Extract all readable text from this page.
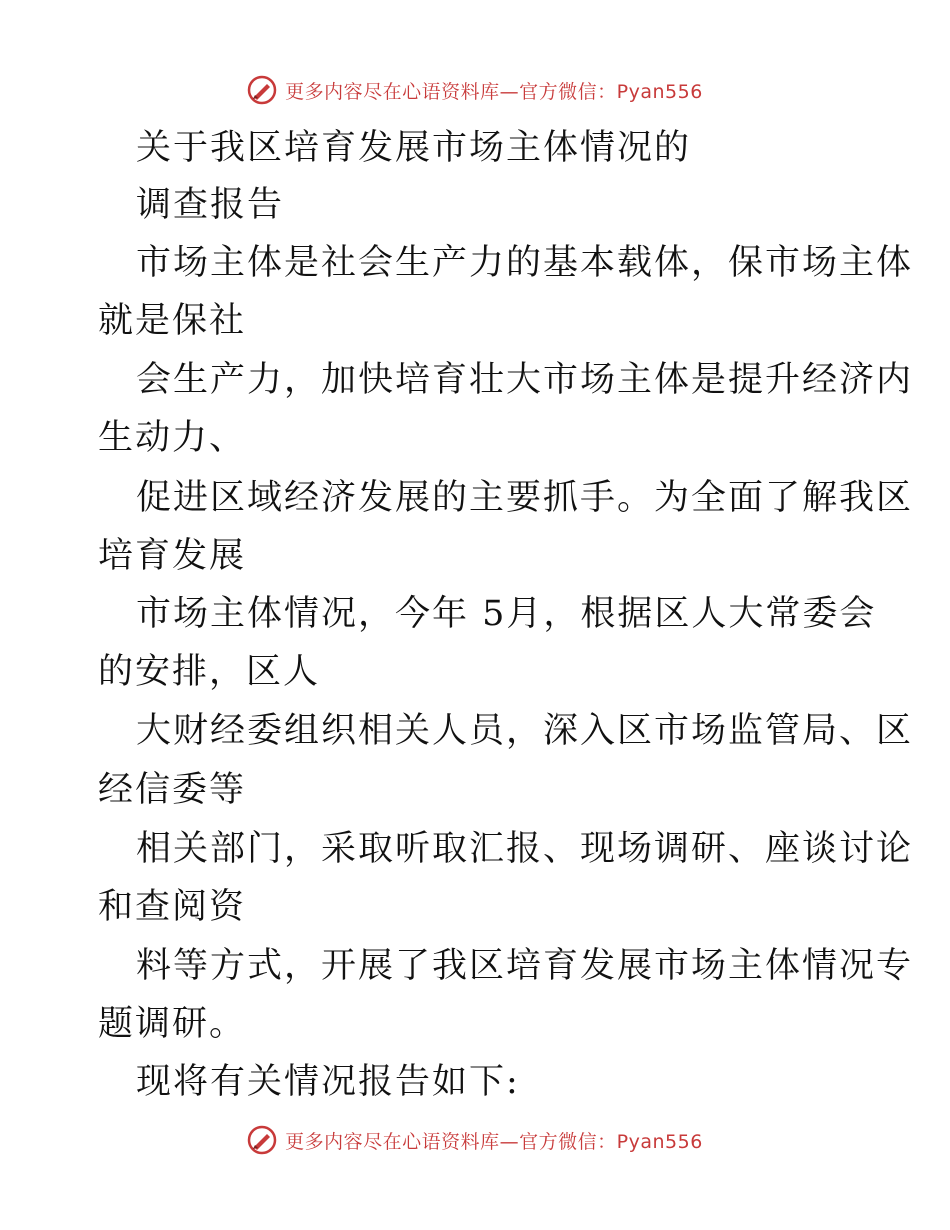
更多内容尽在心语资料库—官方微信：Pyan556
关于我区培育发展市场主体情况的
调查报告
市场主体是社会生产力的基本载体，保市场主体
就是保社
会生产力，加快培育壮大市场主体是提升经济内
生动力、
促进区域经济发展的主要抓手。为全面了解我区
培育发展
市场主体情况，今年 5月，根据区人大常委会
的安排，区人
大财经委组织相关人员，深入区市场监管局、区
经信委等
相关部门，采取听取汇报、现场调研、座谈讨论
和查阅资
料等方式，开展了我区培育发展市场主体情况专
题调研。
现将有关情况报告如下:
更多内容尽在心语资料库—官方微信：Pyan556
